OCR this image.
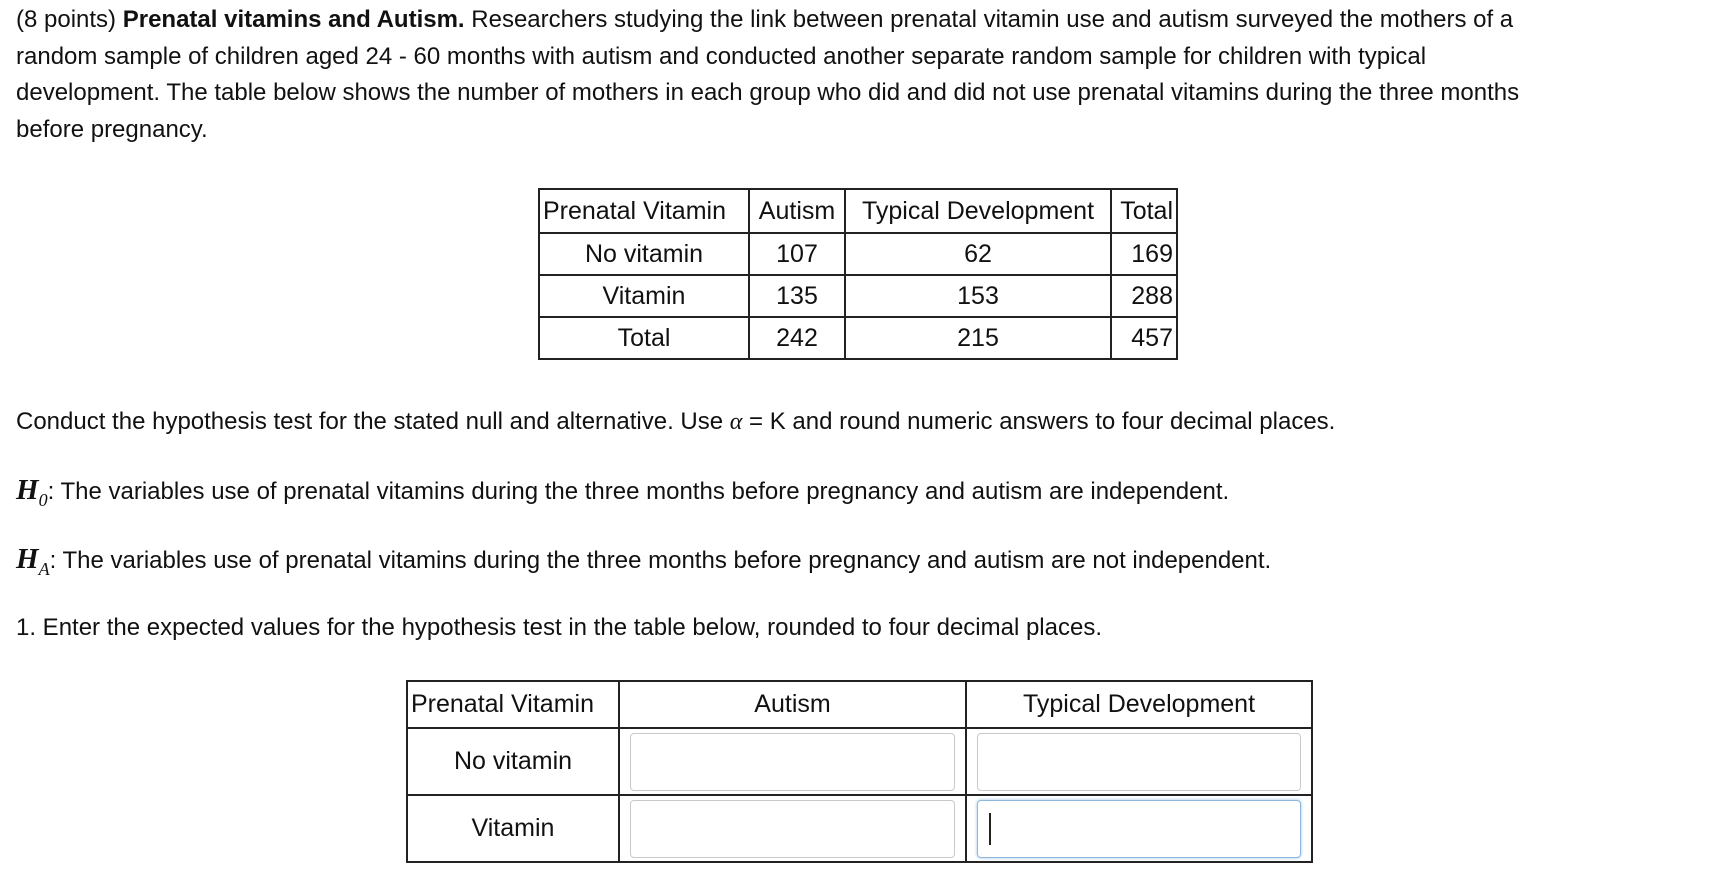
(8 points) Prenatal vitamins and Autism. Researchers studying the link between prenatal vitamin use and autism surveyed the mothers of a random sample of children aged 24 - 60 months with autism and conducted another separate random sample for children with typical development. The table below shows the number of mothers in each group who did and did not use prenatal vitamins during the three months before pregnancy.

Prenatal Vitamin	Autism	Typical Development	Total
No vitamin	107	62	169
Vitamin	135	153	288
Total	242	215	457

Conduct the hypothesis test for the stated null and alternative. Use α = K and round numeric answers to four decimal places.

$H_0$: The variables use of prenatal vitamins during the three months before pregnancy and autism are independent.

$H_A$: The variables use of prenatal vitamins during the three months before pregnancy and autism are not independent.

1. Enter the expected values for the hypothesis test in the table below, rounded to four decimal places.

Prenatal Vitamin	Autism	Typical Development
No vitamin		
Vitamin		
